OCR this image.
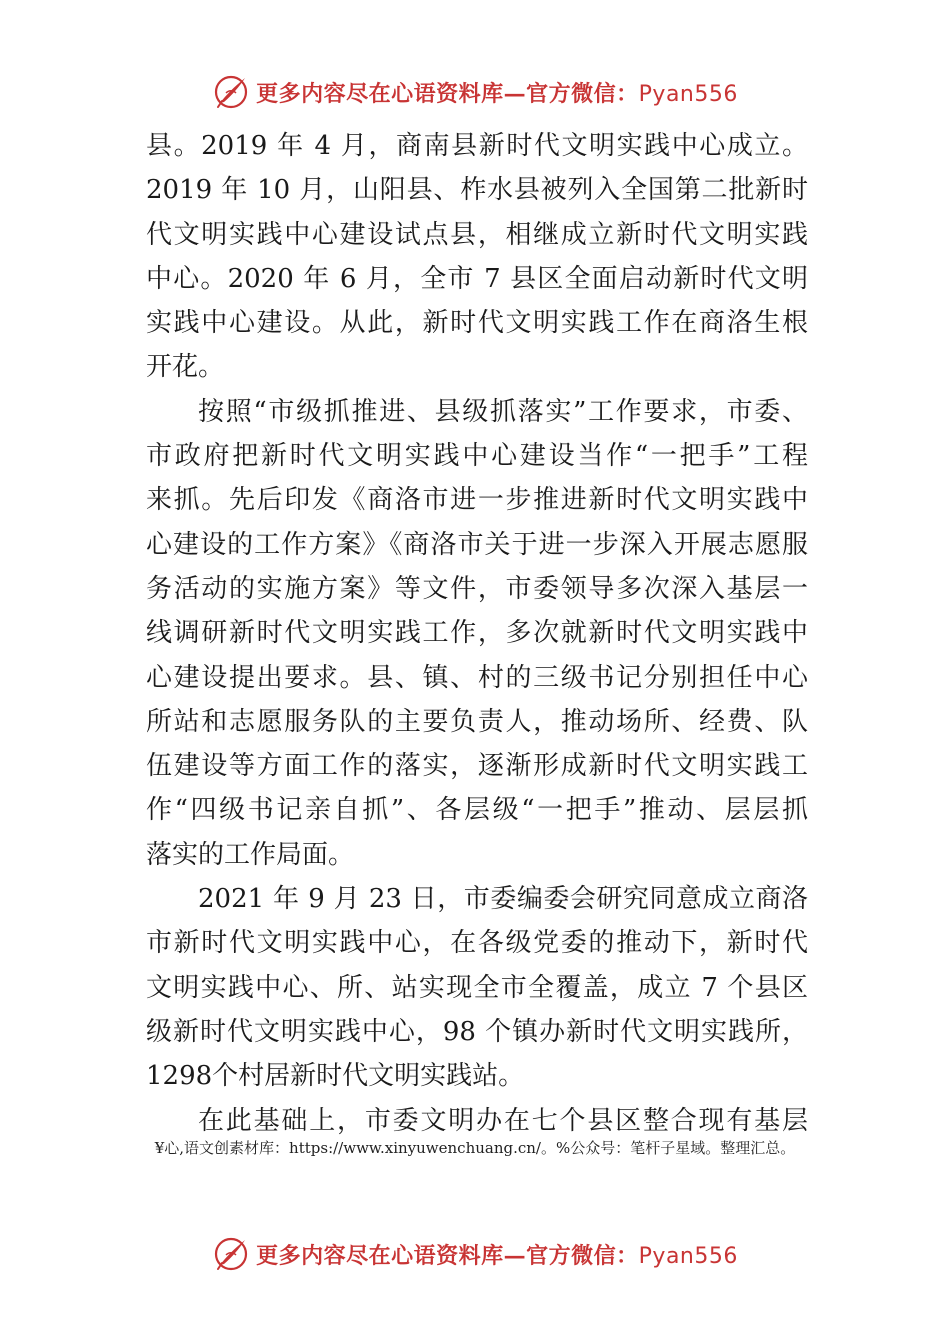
更多内容尽在心语资料库—官方微信：Pyan556
县。2019 年 4 月，商南县新时代文明实践中心成立。
2019 年 10 月，山阳县、柞水县被列入全国第二批新时
代文明实践中心建设试点县，相继成立新时代文明实践
中心。2020 年 6 月，全市 7 县区全面启动新时代文明
实践中心建设。从此，新时代文明实践工作在商洛生根
开花。
按照“市级抓推进、县级抓落实”工作要求，市委、
市政府把新时代文明实践中心建设当作“一把手”工程
来抓。先后印发《商洛市进一步推进新时代文明实践中
心建设的工作方案》《商洛市关于进一步深入开展志愿服
务活动的实施方案》等文件，市委领导多次深入基层一
线调研新时代文明实践工作，多次就新时代文明实践中
心建设提出要求。县、镇、村的三级书记分别担任中心
所站和志愿服务队的主要负责人，推动场所、经费、队
伍建设等方面工作的落实，逐渐形成新时代文明实践工
作“四级书记亲自抓”、各层级“一把手”推动、层层抓
落实的工作局面。
2021 年 9 月 23 日，市委编委会研究同意成立商洛
市新时代文明实践中心，在各级党委的推动下，新时代
文明实践中心、所、站实现全市全覆盖，成立 7 个县区
级新时代文明实践中心，98 个镇办新时代文明实践所，
1298个村居新时代文明实践站。
在此基础上，市委文明办在七个县区整合现有基层
¥心,语文创素材库：https://www.xinyuwenchuang.cn/。%公众号：笔杆子星域。整理汇总。
更多内容尽在心语资料库—官方微信：Pyan556
